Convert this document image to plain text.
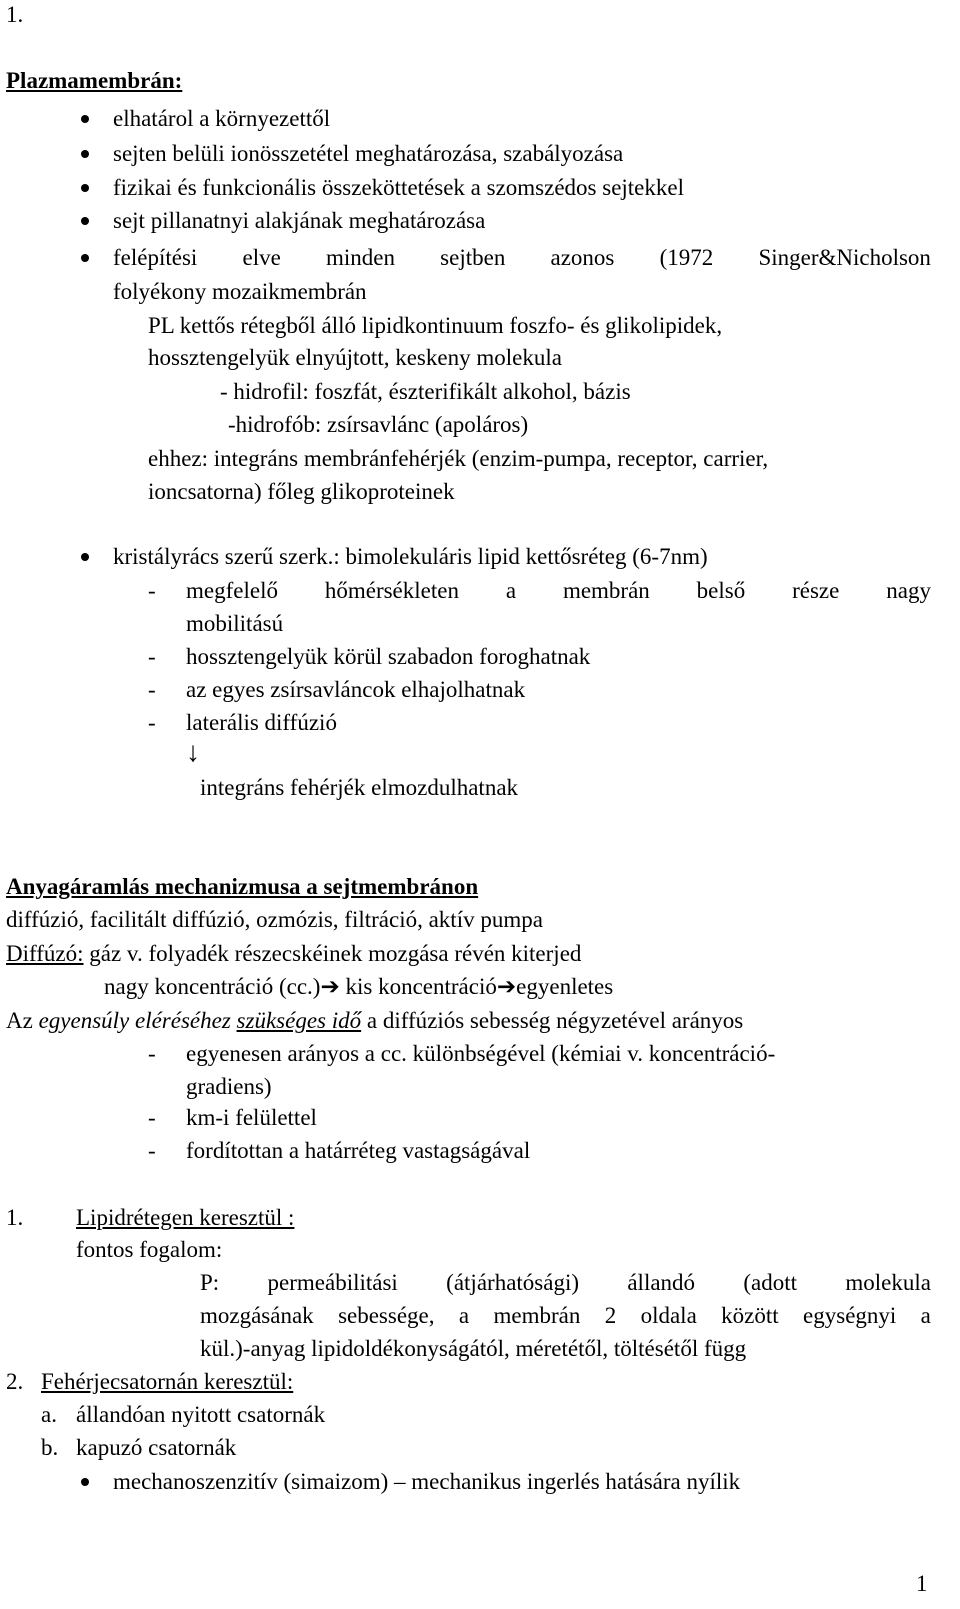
1.
Plazmamembrán:
elhatárol a környezettől
sejten belüli ionösszetétel meghatározása, szabályozása
fizikai és funkcionális összeköttetések a szomszédos sejtekkel
sejt pillanatnyi alakjának meghatározása
felépítési elve minden sejtben azonos (1972 Singer&Nicholson
folyékony mozaikmembrán
PL kettős rétegből álló lipidkontinuum foszfo- és glikolipidek,
hossztengelyük elnyújtott, keskeny molekula
- hidrofil: foszfát, észterifikált alkohol, bázis
-hidrofób: zsírsavlánc (apoláros)
ehhez: integráns membránfehérjék (enzim-pumpa, receptor, carrier,
ioncsatorna) főleg glikoproteinek
kristályrács szerű szerk.: bimolekuláris lipid kettősréteg (6-7nm)
- megfelelő hőmérsékleten a membrán belső része nagy
mobilitású
- hossztengelyük körül szabadon foroghatnak
- az egyes zsírsavláncok elhajolhatnak
- laterális diffúzió
↓
integráns fehérjék elmozdulhatnak
Anyagáramlás mechanizmusa a sejtmembránon
diffúzió, facilitált diffúzió, ozmózis, filtráció, aktív pumpa
Diffúzó: gáz v. folyadék részecskéinek mozgása révén kiterjed
nagy koncentráció (cc.)➔ kis koncentráció➔egyenletes
Az egyensúly eléréséhez szükséges idő a diffúziós sebesség négyzetével arányos
- egyenesen arányos a cc. különbségével (kémiai v. koncentráció-
gradiens)
- km-i felülettel
- fordítottan a határréteg vastagságával
1. Lipidrétegen keresztül :
fontos fogalom:
P: permeábilitási (átjárhatósági) állandó (adott molekula
mozgásának sebessége, a membrán 2 oldala között egységnyi a
kül.)-anyag lipidoldékonyságától, méretétől, töltésétől függ
2. Fehérjecsatornán keresztül:
a. állandóan nyitott csatornák
b. kapuzó csatornák
mechanoszenzitív (simaizom) – mechanikus ingerlés hatására nyílik
1
